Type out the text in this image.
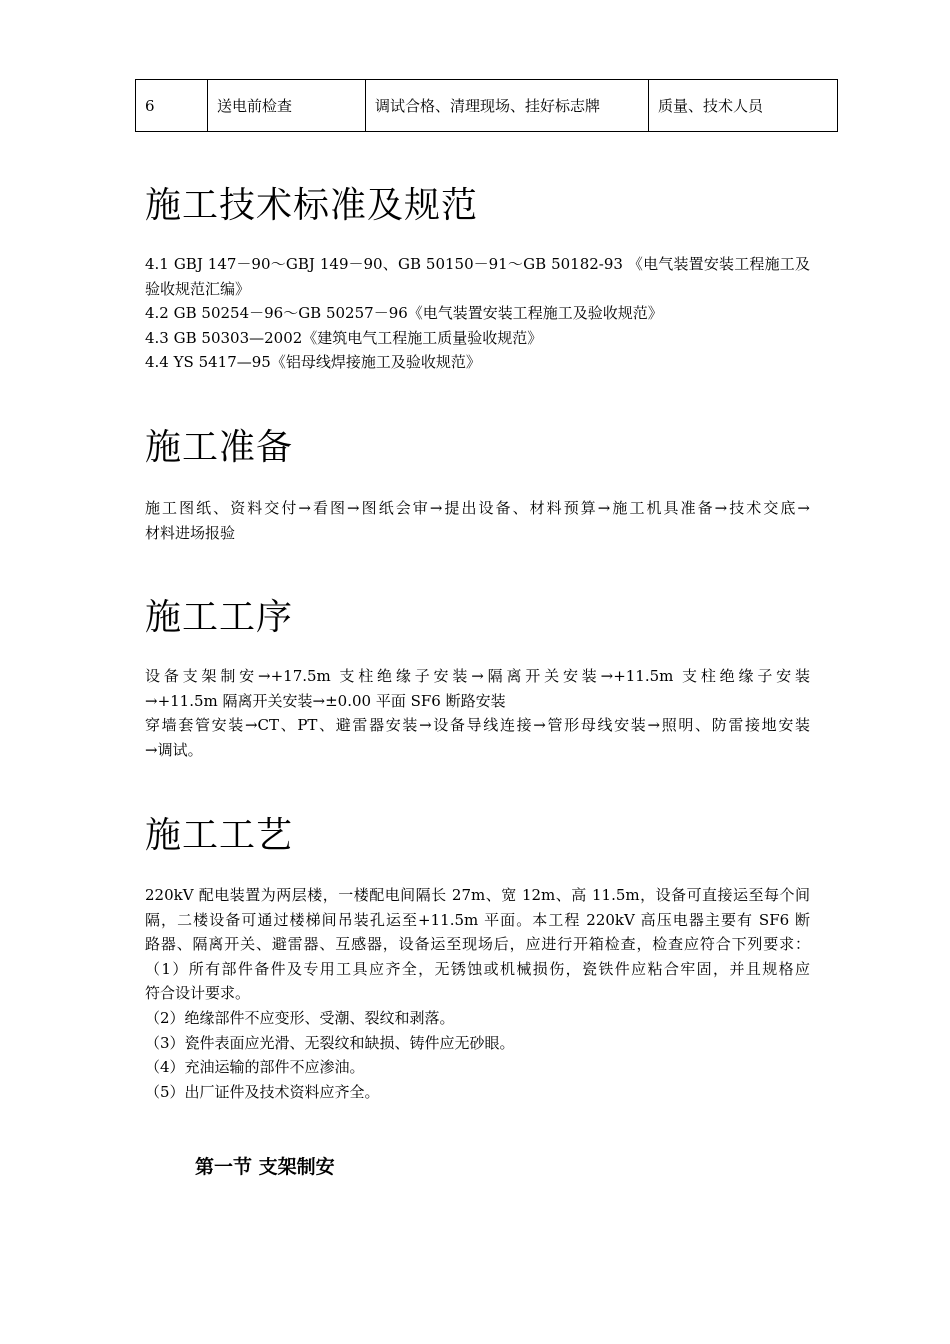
6	送电前检查	调试合格、清理现场、挂好标志牌	质量、技术人员
施工技术标准及规范

4.1 GBJ 147－90～GBJ 149－90、GB 50150－91～GB 50182-93 《电气装置安装工程施工及

验收规范汇编》

4.2 GB 50254－96～GB 50257－96《电气装置安装工程施工及验收规范》

4.3 GB 50303—2002《建筑电气工程施工质量验收规范》

4.4 YS 5417—95《铝母线焊接施工及验收规范》

施工准备

施工图纸、资料交付→看图→图纸会审→提出设备、材料预算→施工机具准备→技术交底→

材料进场报验

施工工序

设备支架制安→+17.5m 支柱绝缘子安装→隔离开关安装→+11.5m 支柱绝缘子安装

→+11.5m 隔离开关安装→±0.00 平面 SF6 断路安装

穿墙套管安装→CT、PT、避雷器安装→设备导线连接→管形母线安装→照明、防雷接地安装

→调试。

施工工艺

220kV 配电装置为两层楼，一楼配电间隔长 27m、宽 12m、高 11.5m，设备可直接运至每个间

隔，二楼设备可通过楼梯间吊装孔运至+11.5m 平面。本工程 220kV 高压电器主要有 SF6 断

路器、隔离开关、避雷器、互感器，设备运至现场后，应进行开箱检查，检查应符合下列要求：

（1）所有部件备件及专用工具应齐全，无锈蚀或机械损伤，瓷铁件应粘合牢固，并且规格应

符合设计要求。

（2）绝缘部件不应变形、受潮、裂纹和剥落。

（3）瓷件表面应光滑、无裂纹和缺损、铸件应无砂眼。

（4）充油运输的部件不应渗油。

（5）出厂证件及技术资料应齐全。

第一节 支架制安
